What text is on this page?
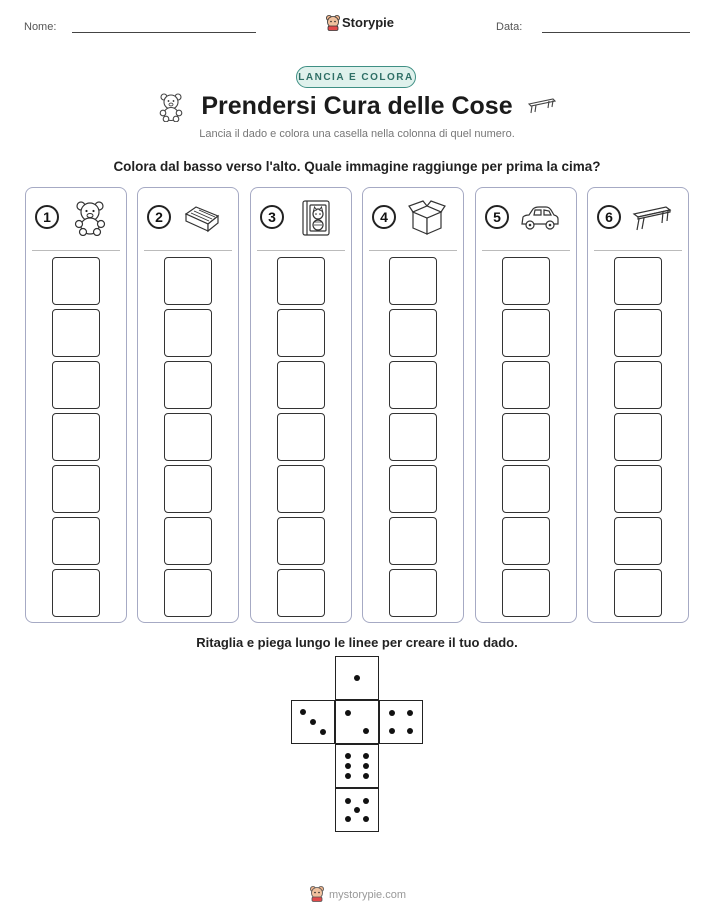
Nome:	Storypie	Data:
LANCIA E COLORA
Prendersi Cura delle Cose
Lancia il dado e colora una casella nella colonna di quel numero.
Colora dal basso verso l'alto. Quale immagine raggiunge per prima la cima?
1	2	3	4	5	6
Ritaglia e piega lungo le linee per creare il tuo dado.
mystorypie.com
